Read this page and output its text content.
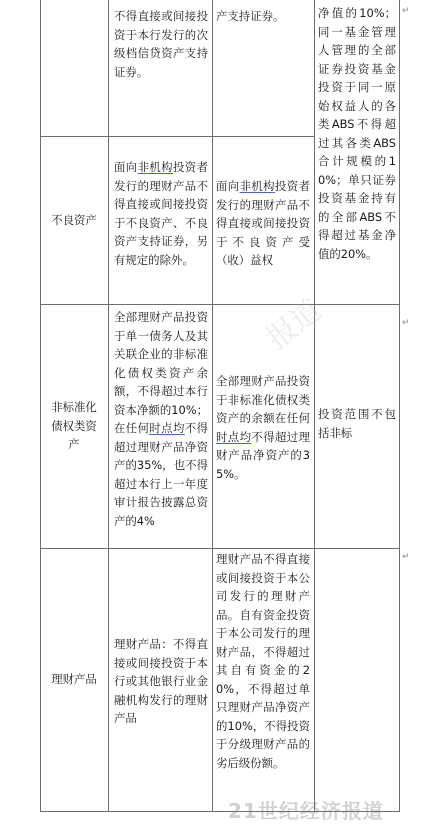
不得直接或间接投资于本行发行的次级档信贷资产支持证券。
产支持证券。	净值的10%；同一基金管理人管理的全部证券投资基金投资于同一原始权益人的各类ABS不得超过其各类ABS合计规模的10%；单只证券投资基金持有的全部ABS不得超过基金净值的20%。
不良资产
面向非机构投资者发行的理财产品不得直接或间接投资于不良资产、不良资产支持证券，另有规定的除外。
面向非机构投资者发行的理财产品不得直接或间接投资于不良资产受（收）益权
非标准化债权类资产
全部理财产品投资于单一债务人及其关联企业的非标准化债权类资产余额，不得超过本行资本净额的10%；在任何时点均不得超过理财产品净资产的35%，也不得超过本行上一年度审计报告披露总资产的4%
全部理财产品投资于非标准化债权类资产的余额在任何时点均不得超过理财产品净资产的35%。
投资范围不包括非标
理财产品
理财产品：不得直接或间接投资于本行或其他银行业金融机构发行的理财产品
理财产品不得直接或间接投资于本公司发行的理财产品。自有资金投资于本公司发行的理财产品，不得超过其自有资金的20%，不得超过单只理财产品净资产的10%，不得投资于分级理财产品的劣后级份额。
↵
↵
↵
报道
21世纪经济报道
